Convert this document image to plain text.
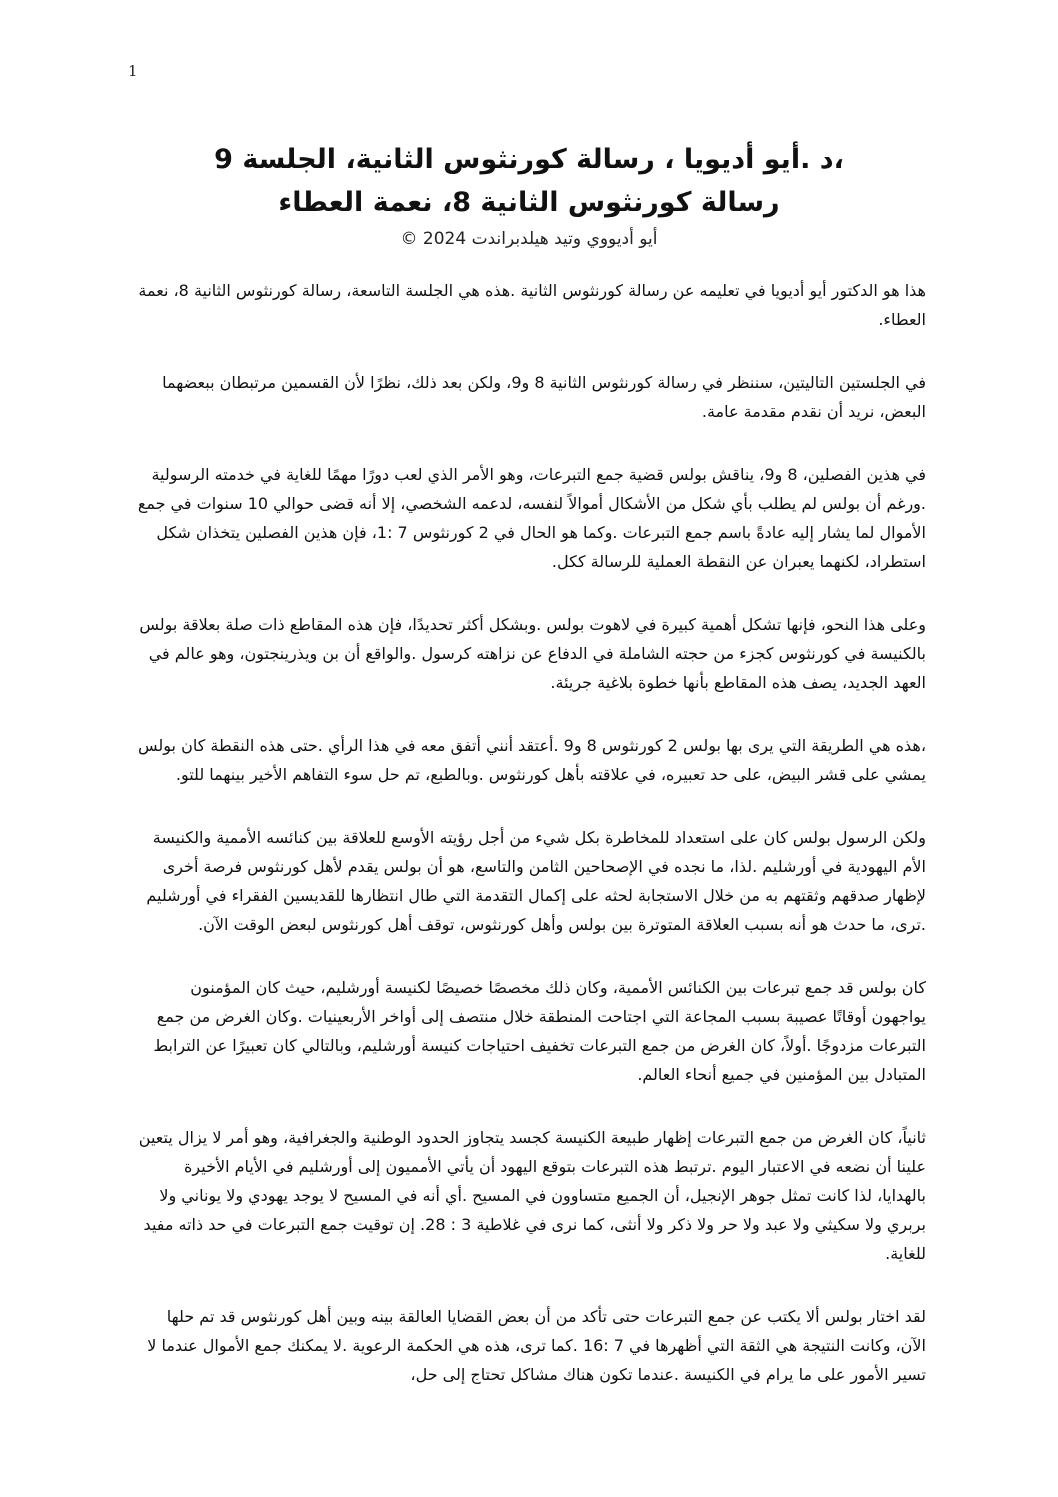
1
،د .أيو أديويا ، رسالة كورنثوس الثانية، الجلسة 9
رسالة كورنثوس الثانية 8، نعمة العطاء
أيو أديووي وتيد هيلدبراندت 2024 ©

هذا هو الدكتور أيو أديويا في تعليمه عن رسالة كورنثوس الثانية .هذه هي الجلسة التاسعة، رسالة كورنثوس الثانية 8، نعمة العطاء.

في الجلستين التاليتين، سننظر في رسالة كورنثوس الثانية 8 و9، ولكن بعد ذلك، نظرًا لأن القسمين مرتبطان ببعضهما البعض، نريد أن نقدم مقدمة عامة.

في هذين الفصلين، 8 و9، يناقش بولس قضية جمع التبرعات، وهو الأمر الذي لعب دورًا مهمًا للغاية في خدمته الرسولية .ورغم أن بولس لم يطلب بأي شكل من الأشكال أموالاً لنفسه، لدعمه الشخصي، إلا أنه قضى حوالي 10 سنوات في جمع الأموال لما يشار إليه عادةً باسم جمع التبرعات .وكما هو الحال في 2 كورنثوس 7 :1، فإن هذين الفصلين يتخذان شكل استطراد، لكنهما يعبران عن النقطة العملية للرسالة ككل.

وعلى هذا النحو، فإنها تشكل أهمية كبيرة في لاهوت بولس .وبشكل أكثر تحديدًا، فإن هذه المقاطع ذات صلة بعلاقة بولس بالكنيسة في كورنثوس كجزء من حجته الشاملة في الدفاع عن نزاهته كرسول .والواقع أن بن ويذرينجتون، وهو عالم في العهد الجديد، يصف هذه المقاطع بأنها خطوة بلاغية جريئة.

،هذه هي الطريقة التي يرى بها بولس 2 كورنثوس 8 و9 .أعتقد أنني أتفق معه في هذا الرأي .حتى هذه النقطة كان بولس يمشي على قشر البيض، على حد تعبيره، في علاقته بأهل كورنثوس .وبالطبع، تم حل سوء التفاهم الأخير بينهما للتو.

ولكن الرسول بولس كان على استعداد للمخاطرة بكل شيء من أجل رؤيته الأوسع للعلاقة بين كنائسه الأممية والكنيسة الأم اليهودية في أورشليم .لذا، ما نجده في الإصحاحين الثامن والتاسع، هو أن بولس يقدم لأهل كورنثوس فرصة أخرى لإظهار صدقهم وثقتهم به من خلال الاستجابة لحثه على إكمال التقدمة التي طال انتظارها للقديسين الفقراء في أورشليم .ترى، ما حدث هو أنه بسبب العلاقة المتوترة بين بولس وأهل كورنثوس، توقف أهل كورنثوس لبعض الوقت الآن.

كان بولس قد جمع تبرعات بين الكنائس الأممية، وكان ذلك مخصصًا خصيصًا لكنيسة أورشليم، حيث كان المؤمنون يواجهون أوقاتًا عصيبة بسبب المجاعة التي اجتاحت المنطقة خلال منتصف إلى أواخر الأربعينيات .وكان الغرض من جمع التبرعات مزدوجًا .أولاً، كان الغرض من جمع التبرعات تخفيف احتياجات كنيسة أورشليم، وبالتالي كان تعبيرًا عن الترابط المتبادل بين المؤمنين في جميع أنحاء العالم.

ثانياً، كان الغرض من جمع التبرعات إظهار طبيعة الكنيسة كجسد يتجاوز الحدود الوطنية والجغرافية، وهو أمر لا يزال يتعين علينا أن نضعه في الاعتبار اليوم .ترتبط هذه التبرعات بتوقع اليهود أن يأتي الأمميون إلى أورشليم في الأيام الأخيرة بالهدايا، لذا كانت تمثل جوهر الإنجيل، أن الجميع متساوون في المسيح .أي أنه في المسيح لا يوجد يهودي ولا يوناني ولا بربري ولا سكيثي ولا عبد ولا حر ولا ذكر ولا أنثى، كما نرى في غلاطية 3 : 28. إن توقيت جمع التبرعات في حد ذاته مفيد للغاية.

لقد اختار بولس ألا يكتب عن جمع التبرعات حتى تأكد من أن بعض القضايا العالقة بينه وبين أهل كورنثوس قد تم حلها الآن، وكانت النتيجة هي الثقة التي أظهرها في 7 :16 .كما ترى، هذه هي الحكمة الرعوية .لا يمكنك جمع الأموال عندما لا تسير الأمور على ما يرام في الكنيسة .عندما تكون هناك مشاكل تحتاج إلى حل،
